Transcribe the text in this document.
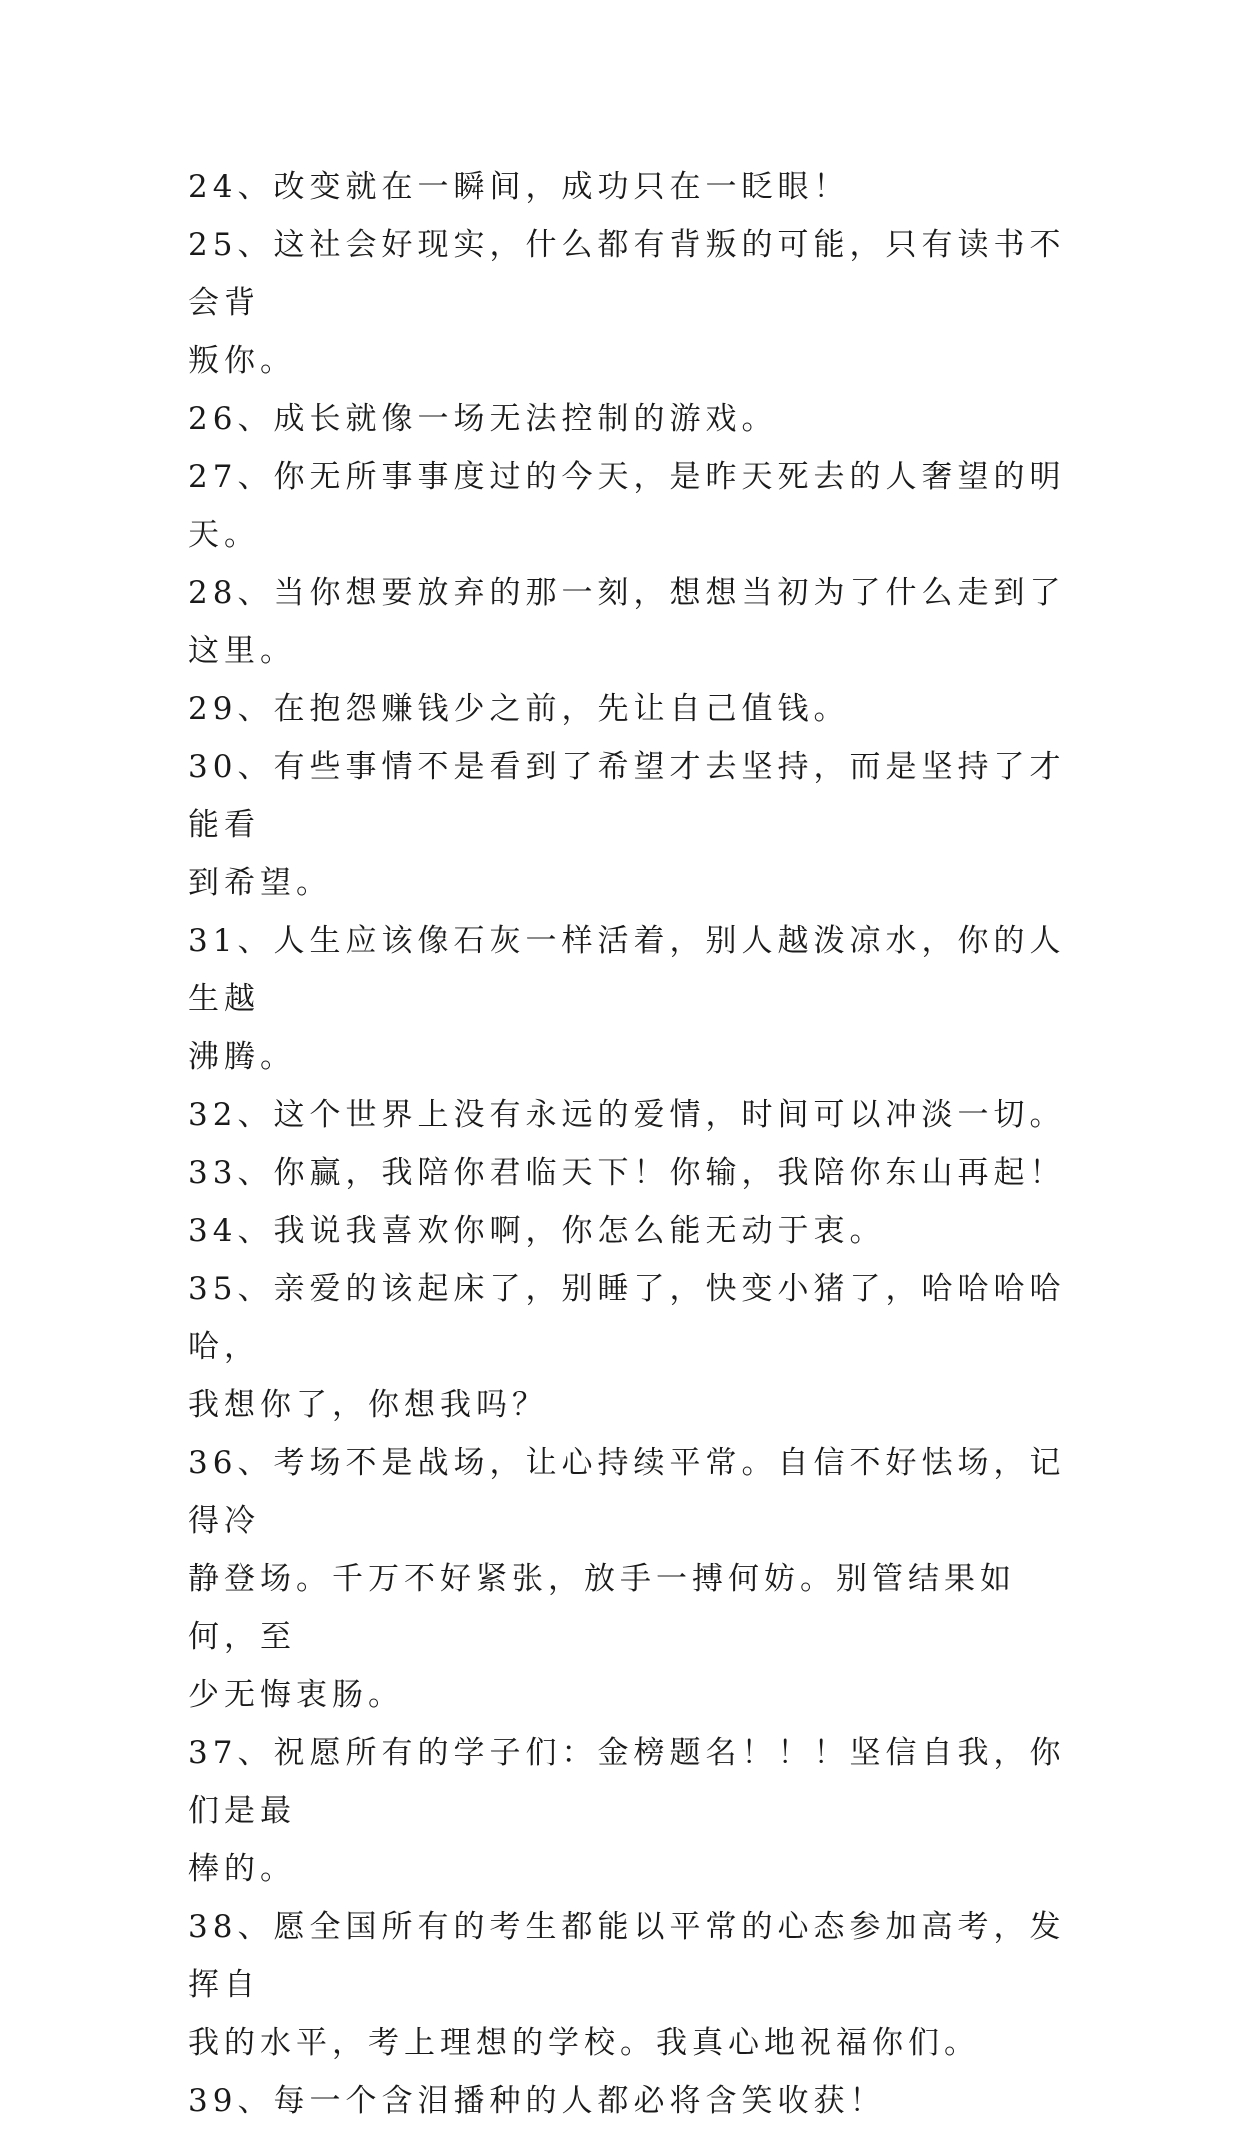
24、改变就在一瞬间，成功只在一眨眼！

25、这社会好现实，什么都有背叛的可能，只有读书不会背

叛你。

26、成长就像一场无法控制的游戏。

27、你无所事事度过的今天，是昨天死去的人奢望的明天。

28、当你想要放弃的那一刻，想想当初为了什么走到了这里。

29、在抱怨赚钱少之前，先让自己值钱。

30、有些事情不是看到了希望才去坚持，而是坚持了才能看

到希望。

31、人生应该像石灰一样活着，别人越泼凉水，你的人生越

沸腾。

32、这个世界上没有永远的爱情，时间可以冲淡一切。

33、你赢，我陪你君临天下！你输，我陪你东山再起！

34、我说我喜欢你啊，你怎么能无动于衷。

35、亲爱的该起床了，别睡了，快变小猪了，哈哈哈哈哈，

我想你了，你想我吗？

36、考场不是战场，让心持续平常。自信不好怯场，记得冷

静登场。千万不好紧张，放手一搏何妨。别管结果如何，至

少无悔衷肠。

37、祝愿所有的学子们：金榜题名！！！坚信自我，你们是最

棒的。

38、愿全国所有的考生都能以平常的心态参加高考，发挥自

我的水平，考上理想的学校。我真心地祝福你们。

39、每一个含泪播种的人都必将含笑收获！
